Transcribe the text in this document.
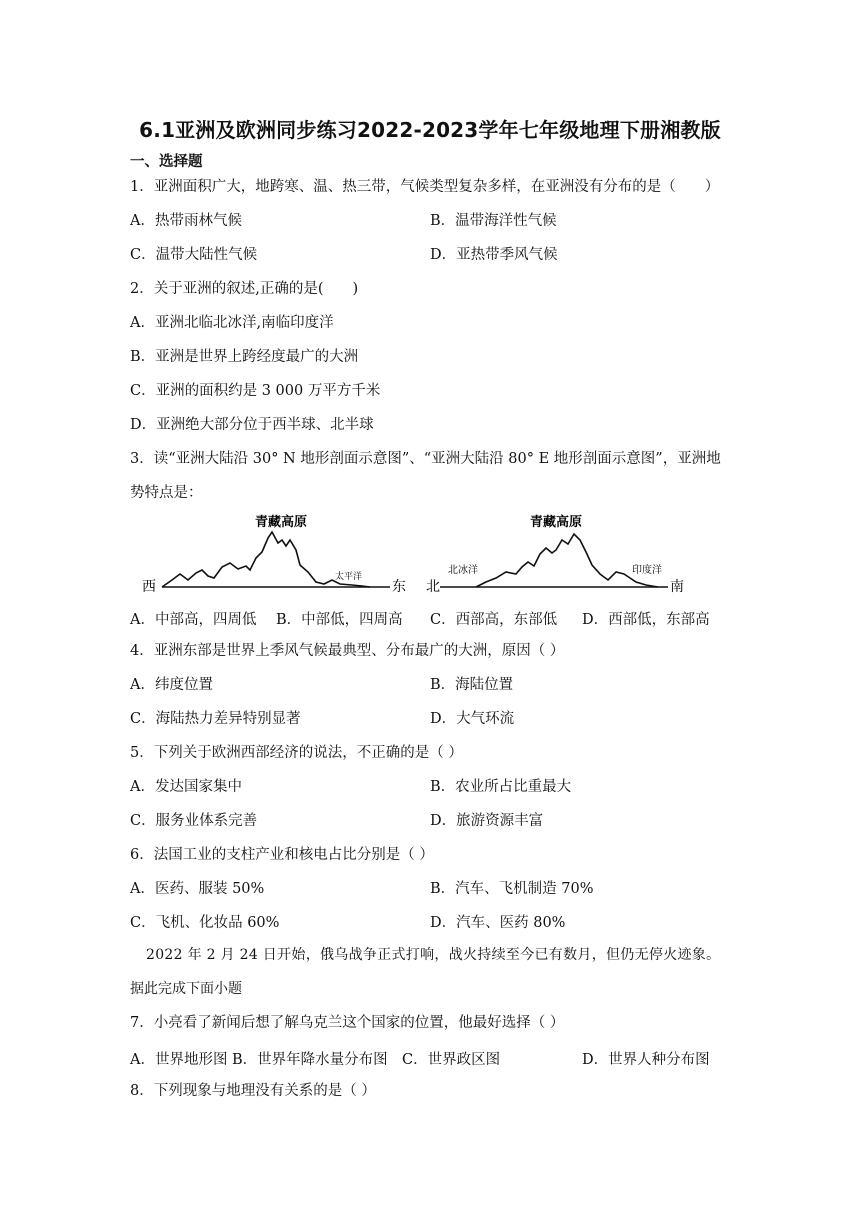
6.1亚洲及欧洲同步练习2022-2023学年七年级地理下册湘教版
一、选择题
1．亚洲面积广大，地跨寒、温、热三带，气候类型复杂多样，在亚洲没有分布的是（　　）
A．热带雨林气候	B．温带海洋性气候
C．温带大陆性气候	D．亚热带季风气候
2．关于亚洲的叙述,正确的是(　　)
A．亚洲北临北冰洋,南临印度洋
B．亚洲是世界上跨经度最广的大洲
C．亚洲的面积约是 3 000 万平方千米
D．亚洲绝大部分位于西半球、北半球
3．读“亚洲大陆沿 30° N 地形剖面示意图”、“亚洲大陆沿 80° E 地形剖面示意图”，亚洲地
势特点是：
青藏高原
西	东
太平洋
青藏高原
北	南
北冰洋	印度洋
A．中部高，四周低 B．中部低，四周高 C．西部高，东部低 D．西部低，东部高
4．亚洲东部是世界上季风气候最典型、分布最广的大洲，原因（ ）
A．纬度位置	B．海陆位置
C．海陆热力差异特别显著	D．大气环流
5．下列关于欧洲西部经济的说法，不正确的是（ ）
A．发达国家集中	B．农业所占比重最大
C．服务业体系完善	D．旅游资源丰富
6．法国工业的支柱产业和核电占比分别是（ ）
A．医药、服装 50%	B．汽车、飞机制造 70%
C．飞机、化妆品 60%	D．汽车、医药 80%
2022 年 2 月 24 日开始，俄乌战争正式打响，战火持续至今已有数月，但仍无停火迹象。
据此完成下面小题
7．小亮看了新闻后想了解乌克兰这个国家的位置，他最好选择（ ）
A．世界地形图 B．世界年降水量分布图 C．世界政区图	D．世界人种分布图
8．下列现象与地理没有关系的是（ ）
